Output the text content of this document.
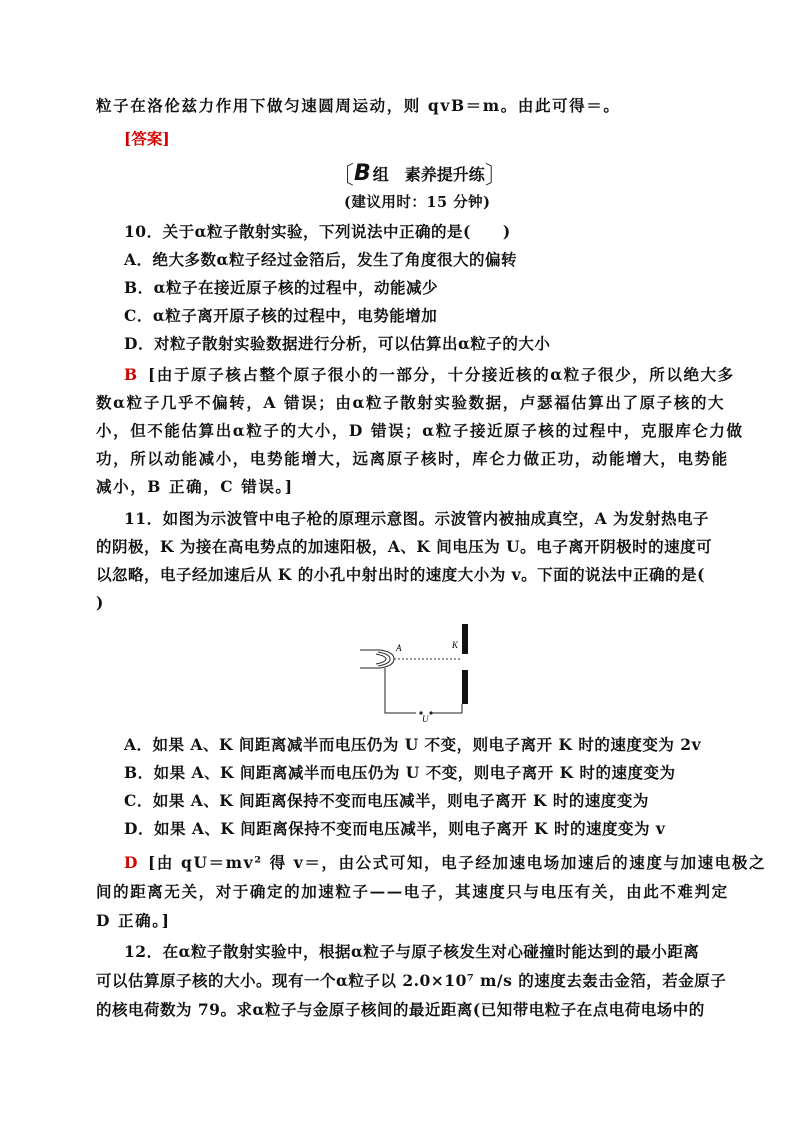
粒子在洛伦兹力作用下做匀速圆周运动，则 qvB＝m。由此可得＝。
[答案]
〔B 组　素养提升练〕
(建议用时：15 分钟)
10．关于α粒子散射实验，下列说法中正确的是(　　)
A．绝大多数α粒子经过金箔后，发生了角度很大的偏转
B．α粒子在接近原子核的过程中，动能减少
C．α粒子离开原子核的过程中，电势能增加
D．对粒子散射实验数据进行分析，可以估算出α粒子的大小
B [由于原子核占整个原子很小的一部分，十分接近核的α粒子很少，所以绝大多
数α粒子几乎不偏转，A 错误；由α粒子散射实验数据，卢瑟福估算出了原子核的大
小，但不能估算出α粒子的大小，D 错误；α粒子接近原子核的过程中，克服库仑力做
功，所以动能减小，电势能增大，远离原子核时，库仑力做正功，动能增大，电势能
减小，B 正确，C 错误。]
11．如图为示波管中电子枪的原理示意图。示波管内被抽成真空，A 为发射热电子
的阴极，K 为接在高电势点的加速阳极，A、K 间电压为 U。电子离开阴极时的速度可
以忽略，电子经加速后从 K 的小孔中射出时的速度大小为 v。下面的说法中正确的是(
)
A	K
U
A．如果 A、K 间距离减半而电压仍为 U 不变，则电子离开 K 时的速度变为 2v
B．如果 A、K 间距离减半而电压仍为 U 不变，则电子离开 K 时的速度变为
C．如果 A、K 间距离保持不变而电压减半，则电子离开 K 时的速度变为
D．如果 A、K 间距离保持不变而电压减半，则电子离开 K 时的速度变为 v
D [由 qU＝mv² 得 v＝，由公式可知，电子经加速电场加速后的速度与加速电极之
间的距离无关，对于确定的加速粒子——电子，其速度只与电压有关，由此不难判定
D 正确。]
12．在α粒子散射实验中，根据α粒子与原子核发生对心碰撞时能达到的最小距离
可以估算原子核的大小。现有一个α粒子以 2.0×10⁷ m/s 的速度去轰击金箔，若金原子
的核电荷数为 79。求α粒子与金原子核间的最近距离(已知带电粒子在点电荷电场中的
